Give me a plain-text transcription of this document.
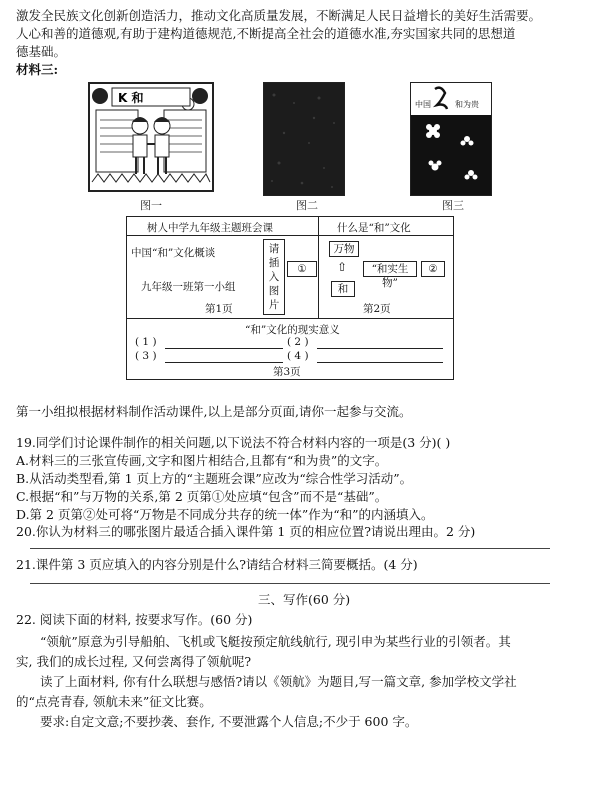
激发全民族文化创新创造活力，推动文化高质量发展，不断满足人民日益增长的美好生活需要。
人心和善的道德观,有助于建构道德规范,不断提高全社会的道德水准,夯实国家共同的思想道
德基础。
材料三:
K 和
图一	图二
中国	和为贵
图三
树人中学九年级主题班会课
中国“和”文化概谈	请
插
入
图
片
九年级一班第一小组
第1页
什么是“和”文化
万物
①	⇧	“和实生物”
②
和
第2页
“和”文化的现实意义
( 1 )	( 2 )
( 3 )	( 4 )
第3页
第一小组拟根据材料制作活动课件,以上是部分页面,请你一起参与交流。
19.同学们讨论课件制作的相关问题,以下说法不符合材料内容的一项是(3 分)( )
A.材料三的三张宣传画,文字和图片相结合,且都有“和为贵”的文字。
B.从活动类型看,第 1 页上方的“主题班会课”应改为“综合性学习活动”。
C.根据“和”与万物的关系,第 2 页第①处应填“包含”而不是“基础”。
D.第 2 页第②处可将“万物是不同成分共存的统一体”作为“和”的内涵填入。
20.你认为材料三的哪张图片最适合插入课件第 1 页的相应位置?请说出理由。2 分)
21.课件第 3 页应填入的内容分别是什么?请结合材料三简要概括。(4 分)
三、写作(60 分)
22. 阅读下面的材料, 按要求写作。(60 分)
“领航”原意为引导船舶、飞机或飞艇按预定航线航行, 现引申为某些行业的引领者。其
实, 我们的成长过程, 又何尝离得了领航呢?
读了上面材料, 你有什么联想与感悟?请以《领航》为题目,写一篇文章, 参加学校文学社
的“点亮青春, 领航未来”征文比赛。
要求:自定文意;不要抄袭、套作, 不要泄露个人信息;不少于 600 字。
